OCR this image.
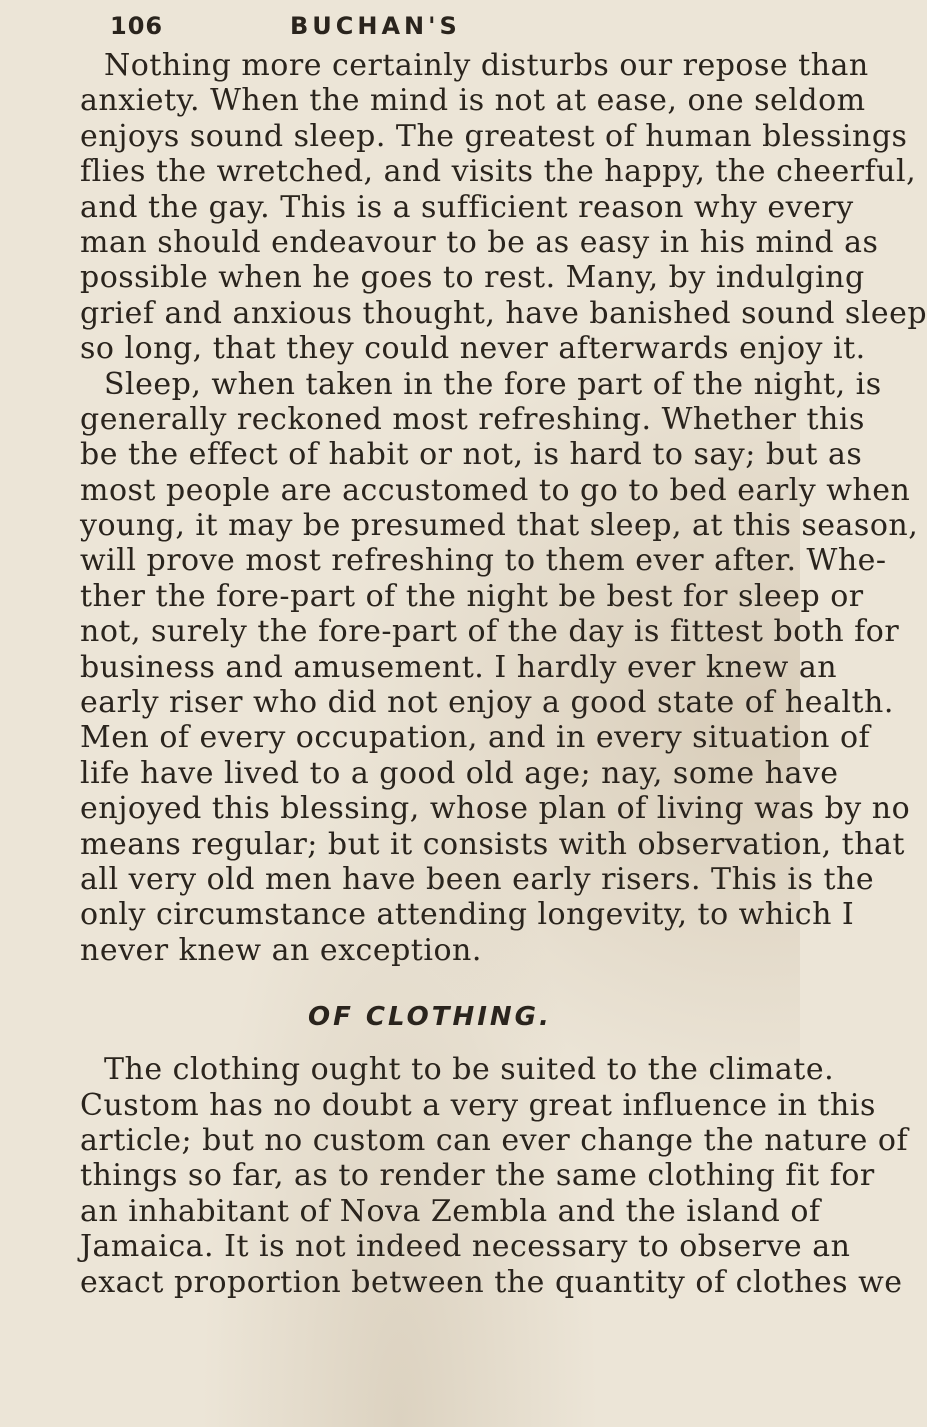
106	BUCHAN'S
Nothing more certainly disturbs our repose than
anxiety. When the mind is not at ease, one seldom
enjoys sound sleep. The greatest of human blessings
flies the wretched, and visits the happy, the cheerful,
and the gay. This is a sufficient reason why every
man should endeavour to be as easy in his mind as
possible when he goes to rest. Many, by indulging
grief and anxious thought, have banished sound sleep
so long, that they could never afterwards enjoy it.
Sleep, when taken in the fore part of the night, is
generally reckoned most refreshing. Whether this
be the effect of habit or not, is hard to say; but as
most people are accustomed to go to bed early when
young, it may be presumed that sleep, at this season,
will prove most refreshing to them ever after. Whe-
ther the fore-part of the night be best for sleep or
not, surely the fore-part of the day is fittest both for
business and amusement. I hardly ever knew an
early riser who did not enjoy a good state of health.
Men of every occupation, and in every situation of
life have lived to a good old age; nay, some have
enjoyed this blessing, whose plan of living was by no
means regular; but it consists with observation, that
all very old men have been early risers. This is the
only circumstance attending longevity, to which I
never knew an exception.
OF CLOTHING.
The clothing ought to be suited to the climate.
Custom has no doubt a very great influence in this
article; but no custom can ever change the nature of
things so far, as to render the same clothing fit for
an inhabitant of Nova Zembla and the island of
Jamaica. It is not indeed necessary to observe an
exact proportion between the quantity of clothes we
